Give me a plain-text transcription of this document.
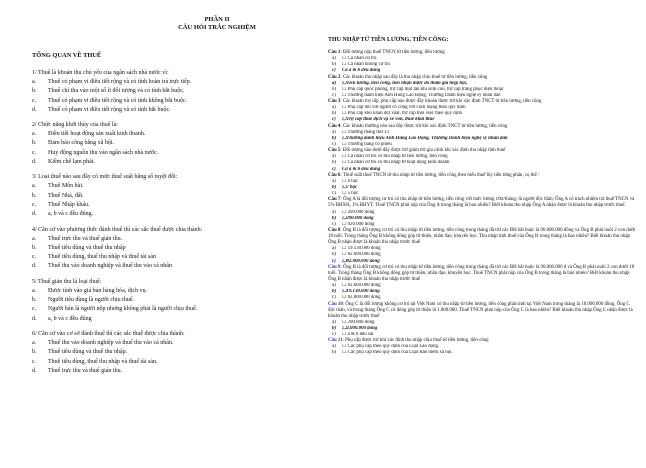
PHẦN II
CÂU HỎI TRẮC NGHIỆM
TỔNG QUAN VỀ THUẾ
1/ Thuế là khoản thu chủ yếu của ngân sách nhà nước vì:
a.	Thuế có phạm vi điều tiết rộng và có tính hoàn trả trực tiếp.
b.	Thuế chỉ thu vào một số ít đối tượng và có tính bắt buộc.
c.	Thuế có phạm vi điều tiết rộng và có tính không bắt buộc.
d.	Thuế có phạm vi điều tiết rộng và có tính bắt buộc.
2/ Chức năng khởi thủy của thuế là:
a.	Điều tiết hoạt động sản xuất kinh doanh.
b.	Đảm bảo công bằng xã hội.
c.	Huy động nguồn thu vào ngân sách nhà nước.
d.	Kiềm chế lạm phát.
3/ Loại thuế nào sau đây có mức thuế suất bằng số tuyệt đối:
a.	Thuế Môn bài.
b.	Thuế Nhà, đất.
c.	Thuế Nhập khẩu.
d.	a, b và c đều đúng.
4/ Căn cứ vào phương thức đánh thuế thì các sắc thuế được chia thành:
a.	Thuế trực thu và thuế gián thu.
b.	Thuế tiêu dùng và thuế thu nhập
c.	Thuế tiêu dùng, thuế thu nhập và thuế tài sản
d.	Thuế thu vào doanh nghiệp và thuế thu vào cá nhân
5/ Thuế gián thu là loại thuế:
a.	Được tính vào giá bán hàng hóa, dịch vụ.
b.	Người tiêu dùng là người chịu thuế.
c.	Người bán là người nộp nhưng không phải là người chịu thuế.
d.	a, b và c đều đúng
6/ Căn cứ vào cơ sở đánh thuế thì các sắc thuế được chia thành:
a.	Thuế thu vào doanh nghiệp và thuế thu vào cá nhân.
b.	Thuế tiêu dùng và thuế thu nhập.
c.	Thuế tiêu dùng, thuế thu nhập và thuế tài sản.
d.	Thuế trực thu và thuế gián thu.
THU NHẬP TỪ TIỀN LƯƠNG, TIỀN CÔNG:
Câu 1: Đối tượng nộp thuế TNCN từ tiền lương, tiền lương
a)	☐ Cá nhân cư trú
b)	☐ Cá nhân không cư trú
c)	Cả a & b đều đúng
Câu 2: Các khoản thu nhập sau đây là thu nhập chịu thuế từ tiền lương, tiền công
a)	☐Tiền lương, tiền công, tiền nhận được do tham gia hiệp hội,
b)	☐ Phụ cấp quốc phòng, trợ cấp một lần khi sinh con, trợ cấp trang phục điện thoại
c)	☐ Thưởng danh hiệu Anh Hùng Lao Động, Thưởng Danh hiệu nghệ sỹ nhân dân
Câu 3: Các khoản trợ cấp, phụ cấp nào được đầy khoản được trừ khi xác định TNCT từ tiền lương, tiền công
a)	☐ Phụ cấp đối với người có công với cách mạng theo quy định
b)	☐ Phụ cấp khó khăn đột xuất, trợ cấp thôi việc theo quy định
c)	☐Trợ cấp thuê dịch vụ xe vốn, thuê khai thuế
Câu 4: Các khoản thưởng nào sau đây được trừ khi xác định TNCT từ tiền lương, tiền công
a)	☐ Thưởng tháng thứ 13
b)	☐Thưởng danh hiệu Anh Hùng Lao Động, Thưởng Danh hiệu nghệ sỹ nhân dân
c)	☐ Thưởng bằng cổ phiếu
Câu 5: Đối tượng nào dưới đây được trừ giảm trừ gia cảnh khi xác định thu nhập tính thuế
a)	☐ Cá nhân cư trú có thu nhập từ tiền lương, tiền công
b)	☐ Cá nhân cư trú có thu nhập từ hoạt động kinh doanh
c)	Cả a & b đều đúng
Câu 6: Thuế suất thuế TNCN từ thu nhập từ tiền lương, tiền công theo biểu thuế lũy tiến từng phần, cụ thể :
a)	☐ 6 bậc
b)	☐7 bậc
c)	☐ 5 bậc
Câu 7: Ông A là đối tượng cư trú có thu nhập từ tiền lương, tiền công với mức lương 10tr/tháng; là người độc thân; Ông A có trách nhiệm trả thuế TNCN và 5% BHXH, 1% BHYT. Thuế TNCN phải nộp của Ông A trong tháng là bao nhiêu? Biết khoản thu nhập Ông A nhận được là khoản thu nhập trước thuế.
a)	☐ 209.000 đồng
b)	☐290.000 đồng
c)	☐ 920.000 đồng
Câu 8: Ông B là đối tượng cư trú có thu nhập từ tiền lương, tiền công trong tháng đã trừ các BH bắt buộc là 90.000.000 đồng và Ông B phải nuôi 2 con dưới 18 tuổi. Trong tháng Ông B không đóng góp từ thiện, nhân đạo, khuyến học. Thu nhập tính thuế của Ông B trong tháng là bao nhiêu? Biết khoản thu nhập Ông B nhận được là khoản thu nhập trước thuế
a)	☐ 19.130.000 đồng
b)	☐ 82.600.000 đồng
c)	☐82.800.000 đồng
Câu 9: Ông B là đối tượng cư trú có thu nhập từ tiền lương, tiền công trong tháng đã trừ các BH bắt buộc là 90.000.000 đ và Ông B phải nuôi 2 con dưới 18 tuổi. Trong tháng Ông B không đóng góp từ thiện, nhân đạo, khuyến học. Thuế TNCN phải nộp của Ông B trong tháng là bao nhiêu? Biết khoản thu nhập Ông B nhận được là khoản thu nhập trước thuế
a)	☐ 82.600.000 đồng
b)	☐19.130.000 đồng
c)	☐ 82.800.000 đồng
Câu 10: Ông C là đối tượng không cư trú tại Việt Nam có thu nhập từ tiền lương, tiền công phát sinh tại Việt Nam trong tháng là 10.000.000 đồng. Ông C độc thân, và trong tháng Ông C có đóng góp từ thiện là 1.000.000. Thuế TNCN phải nộp của Ông C là bao nhiêu? Biết khoản thu nhập Ông C nhận được là khoản thu nhập trước thuế
a)	☐ 290.000 đồng
b)	☐2.000.000 đồng
c)	☐ a & b đều sai
Câu 11: Phụ cấp được trừ khi xác định thu nhập chịu thuế từ tiền lương, tiền công
a)	☐ Các phụ cấp theo quy định của Luật Lao động.
b)	☐ Các phụ cấp theo quy định của Luật Bảo hiểm xã hội.
